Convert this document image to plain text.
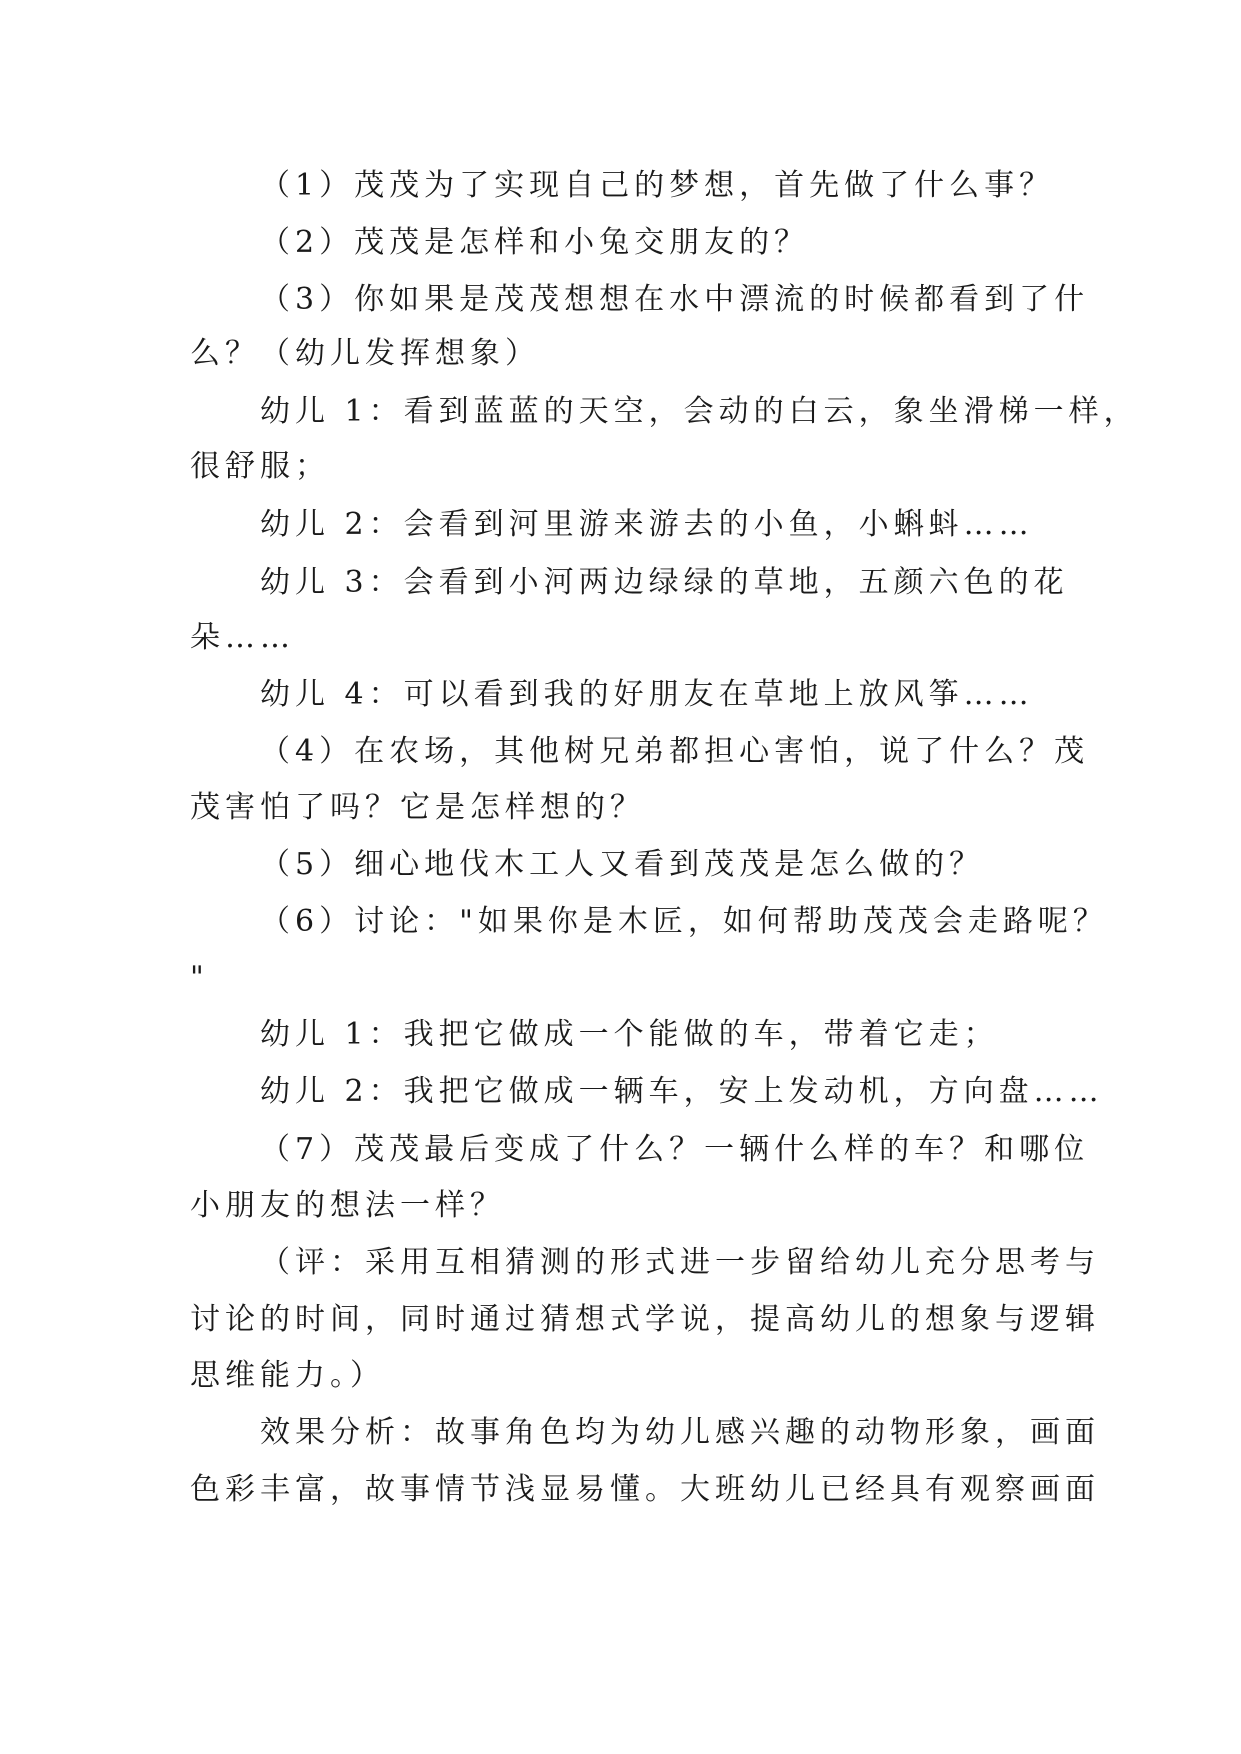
（1）茂茂为了实现自己的梦想，首先做了什么事？
（2）茂茂是怎样和小兔交朋友的？
（3）你如果是茂茂想想在水中漂流的时候都看到了什
么？（幼儿发挥想象）
幼儿 1：看到蓝蓝的天空，会动的白云，象坐滑梯一样，
很舒服；
幼儿 2：会看到河里游来游去的小鱼，小蝌蚪……
幼儿 3：会看到小河两边绿绿的草地，五颜六色的花
朵……
幼儿 4：可以看到我的好朋友在草地上放风筝……
（4）在农场，其他树兄弟都担心害怕，说了什么？茂
茂害怕了吗？它是怎样想的？
（5）细心地伐木工人又看到茂茂是怎么做的？
（6）讨论："如果你是木匠，如何帮助茂茂会走路呢？
"
幼儿 1：我把它做成一个能做的车，带着它走；
幼儿 2：我把它做成一辆车，安上发动机，方向盘……
（7）茂茂最后变成了什么？一辆什么样的车？和哪位
小朋友的想法一样？
（评：采用互相猜测的形式进一步留给幼儿充分思考与
讨论的时间，同时通过猜想式学说，提高幼儿的想象与逻辑
思维能力。）
效果分析：故事角色均为幼儿感兴趣的动物形象，画面
色彩丰富，故事情节浅显易懂。大班幼儿已经具有观察画面
